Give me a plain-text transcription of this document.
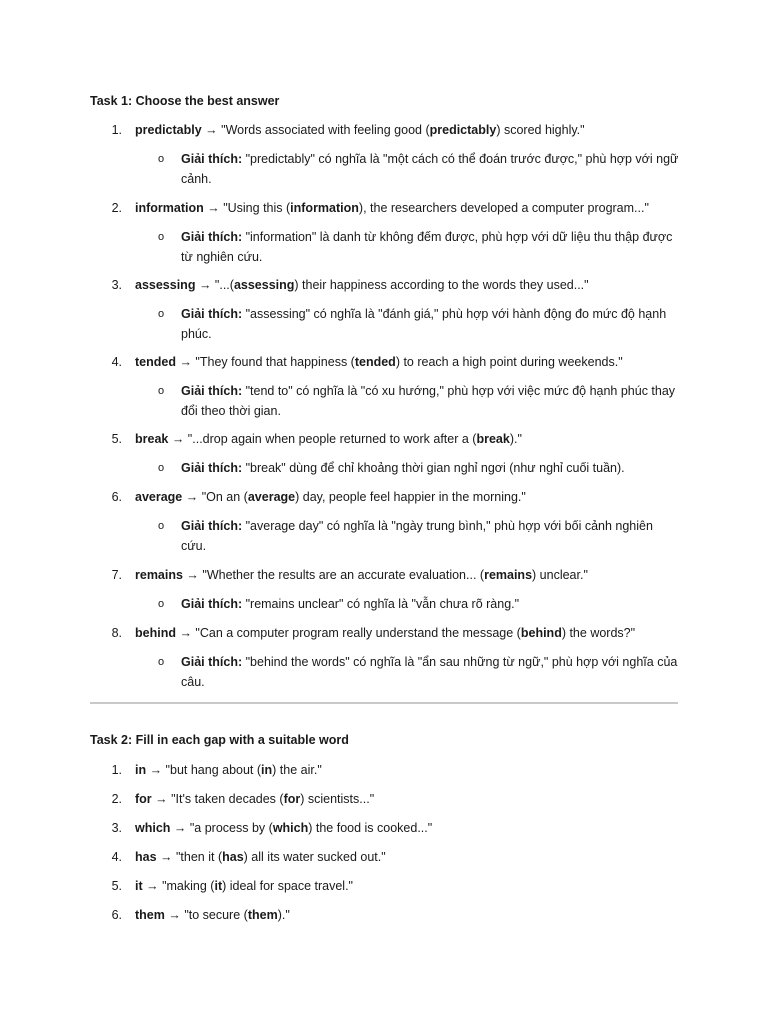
Task 1: Choose the best answer
1. predictably → "Words associated with feeling good (predictably) scored highly."
o Giải thích: "predictably" có nghĩa là "một cách có thể đoán trước được," phù hợp với ngữ cảnh.
2. information → "Using this (information), the researchers developed a computer program..."
o Giải thích: "information" là danh từ không đếm được, phù hợp với dữ liệu thu thập được từ nghiên cứu.
3. assessing → "...(assessing) their happiness according to the words they used..."
o Giải thích: "assessing" có nghĩa là "đánh giá," phù hợp với hành động đo mức độ hạnh phúc.
4. tended → "They found that happiness (tended) to reach a high point during weekends."
o Giải thích: "tend to" có nghĩa là "có xu hướng," phù hợp với việc mức độ hạnh phúc thay đổi theo thời gian.
5. break → "...drop again when people returned to work after a (break)."
o Giải thích: "break" dùng để chỉ khoảng thời gian nghỉ ngơi (như nghỉ cuối tuần).
6. average → "On an (average) day, people feel happier in the morning."
o Giải thích: "average day" có nghĩa là "ngày trung bình," phù hợp với bối cảnh nghiên cứu.
7. remains → "Whether the results are an accurate evaluation... (remains) unclear."
o Giải thích: "remains unclear" có nghĩa là "vẫn chưa rõ ràng."
8. behind → "Can a computer program really understand the message (behind) the words?"
o Giải thích: "behind the words" có nghĩa là "ẩn sau những từ ngữ," phù hợp với nghĩa của câu.
Task 2: Fill in each gap with a suitable word
1. in → "but hang about (in) the air."
2. for → "It's taken decades (for) scientists..."
3. which → "a process by (which) the food is cooked..."
4. has → "then it (has) all its water sucked out."
5. it → "making (it) ideal for space travel."
6. them → "to secure (them)."
